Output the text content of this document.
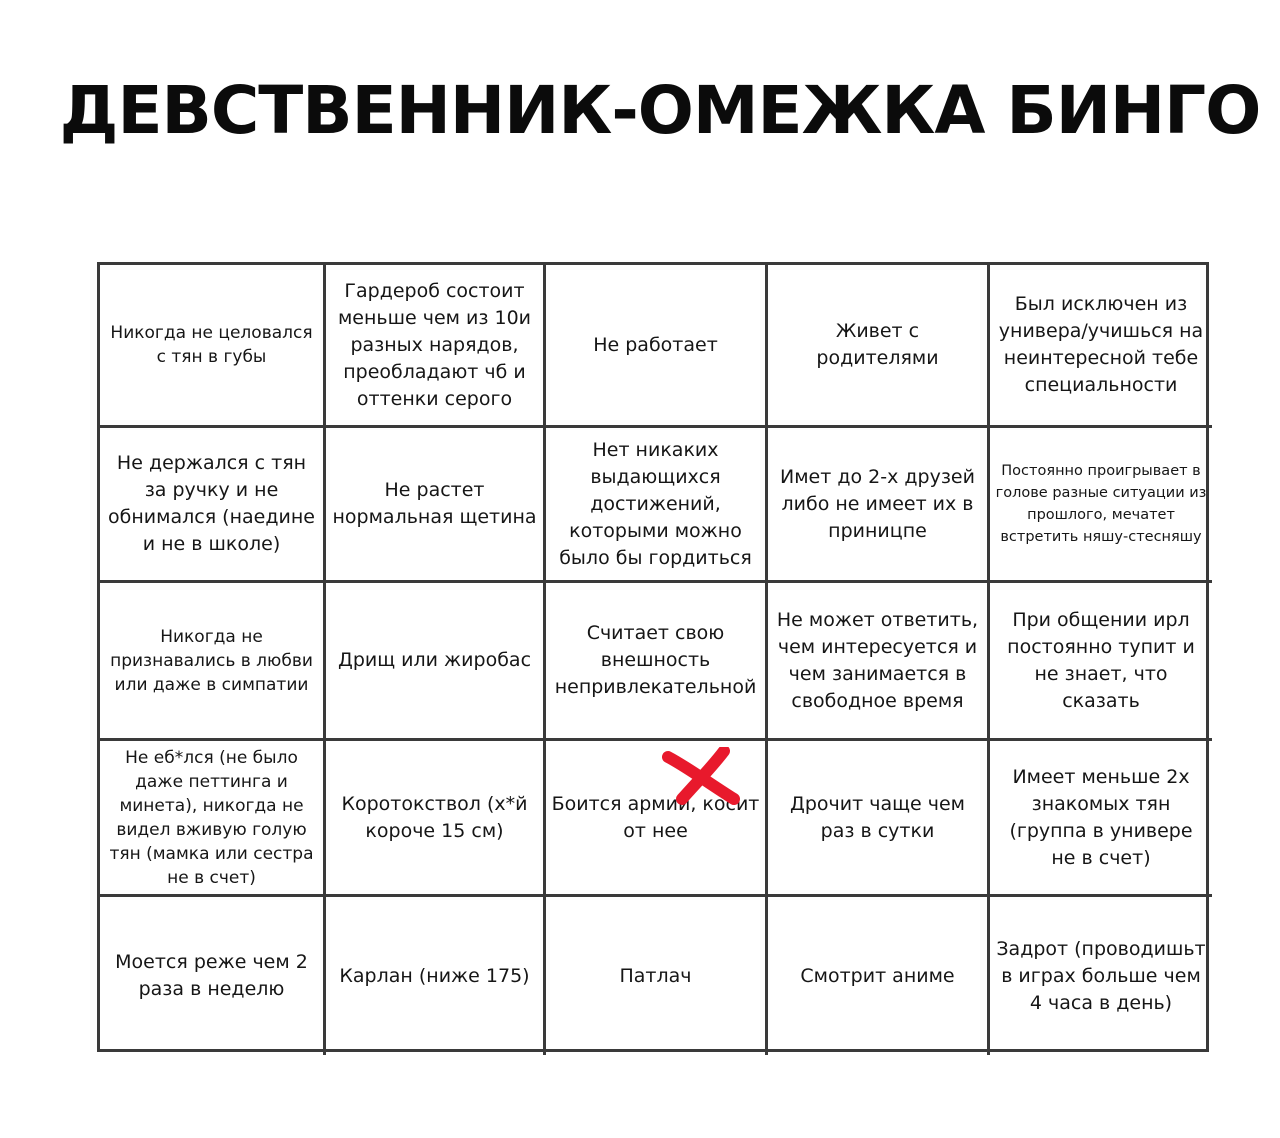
ДЕВСТВЕННИК-ОМЕЖКА БИНГО
Никогда не целовался с тян в губы
Гардероб состоит меньше чем из 10и разных нарядов, преобладают чб и оттенки серого
Не работает
Живет с родителями
Был исключен из универа/учишься на неинтересной тебе специальности
Не держался с тян за ручку и не обнимался (наедине и не в школе)
Не растет нормальная щетина
Нет никаких выдающихся достижений, которыми можно было бы гордиться
Имет до 2-х друзей либо не имеет их в приницпе
Постоянно проигрывает в голове разные ситуации из прошлого, мечатет встретить няшу-стесняшу
Никогда не признавались в любви или даже в симпатии
Дрищ или жиробас
Считает свою внешность непривлекательной
Не может ответить, чем интересуется и чем занимается в свободное время
При общении ирл постоянно тупит и не знает, что сказать
Не еб*лся (не было даже петтинга и минета), никогда не видел вживую голую тян (мамка или сестра не в счет)
Коротокствол (х*й короче 15 см)
Боится армии, косит от нее
Дрочит чаще чем раз в сутки
Имеет меньше 2х знакомых тян (группа в универе не в счет)
Моется реже чем 2 раза в неделю
Карлан (ниже 175)	Патлач	Смотрит аниме
Задрот (проводишьт в играх больше чем 4 часа в день)
